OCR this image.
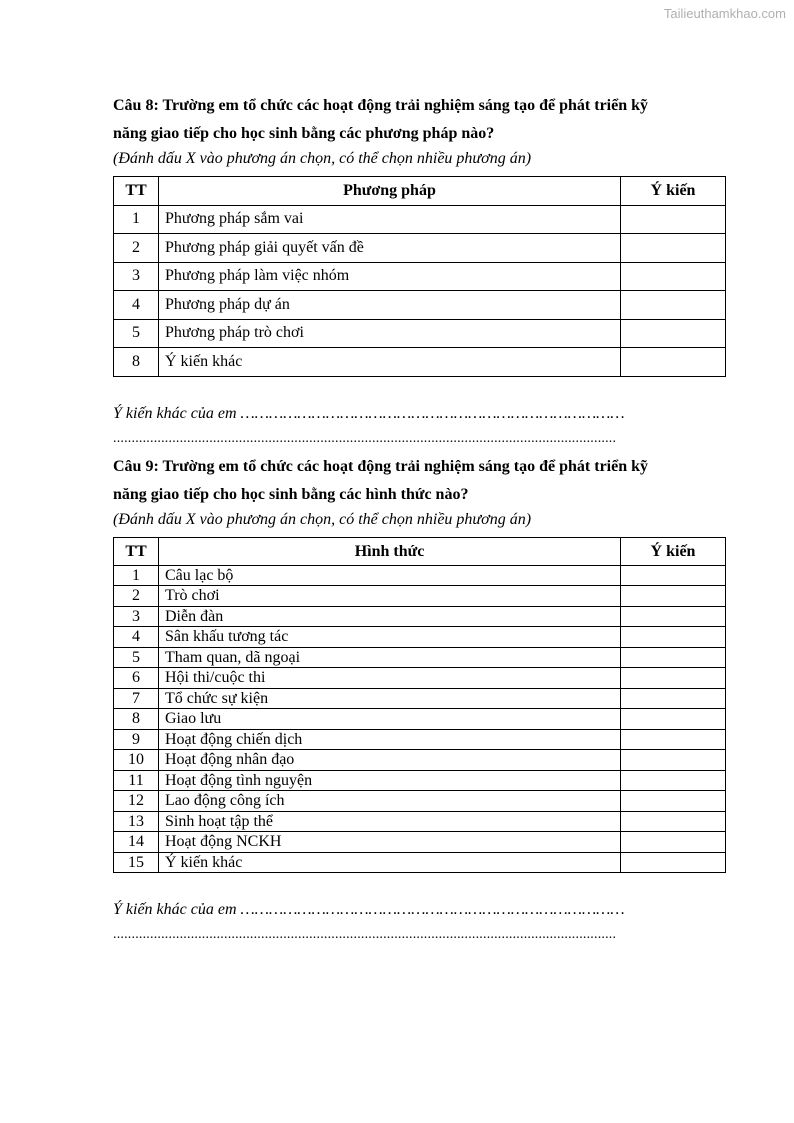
Tailieuthamkhao.com

Câu 8: Trường em tổ chức các hoạt động trải nghiệm sáng tạo để phát triển kỹ

năng giao tiếp cho học sinh bằng các phương pháp nào?

(Đánh dấu X vào phương án chọn, có thể chọn nhiều phương án)

TT	Phương pháp	Ý kiến
1	Phương pháp sắm vai	
2	Phương pháp giải quyết vấn đề	
3	Phương pháp làm việc nhóm	
4	Phương pháp dự án	
5	Phương pháp trò chơi	
8	Ý kiến khác	

Ý kiến khác của em ………………………………………………………………………

........................................................................................................................................

Câu 9: Trường em tổ chức các hoạt động trải nghiệm sáng tạo để phát triển kỹ

năng giao tiếp cho học sinh bằng các hình thức nào?

(Đánh dấu X vào phương án chọn, có thể chọn nhiều phương án)

TT	Hình thức	Ý kiến
1	Câu lạc bộ	
2	Trò chơi	
3	Diễn đàn	
4	Sân khấu tương tác	
5	Tham quan, dã ngoại	
6	Hội thi/cuộc thi	
7	Tổ chức sự kiện	
8	Giao lưu	
9	Hoạt động chiến dịch	
10	Hoạt động nhân đạo	
11	Hoạt động tình nguyện	
12	Lao động công ích	
13	Sinh hoạt tập thể	
14	Hoạt động NCKH	
15	Ý kiến khác	

Ý kiến khác của em ………………………………………………………………………

........................................................................................................................................
